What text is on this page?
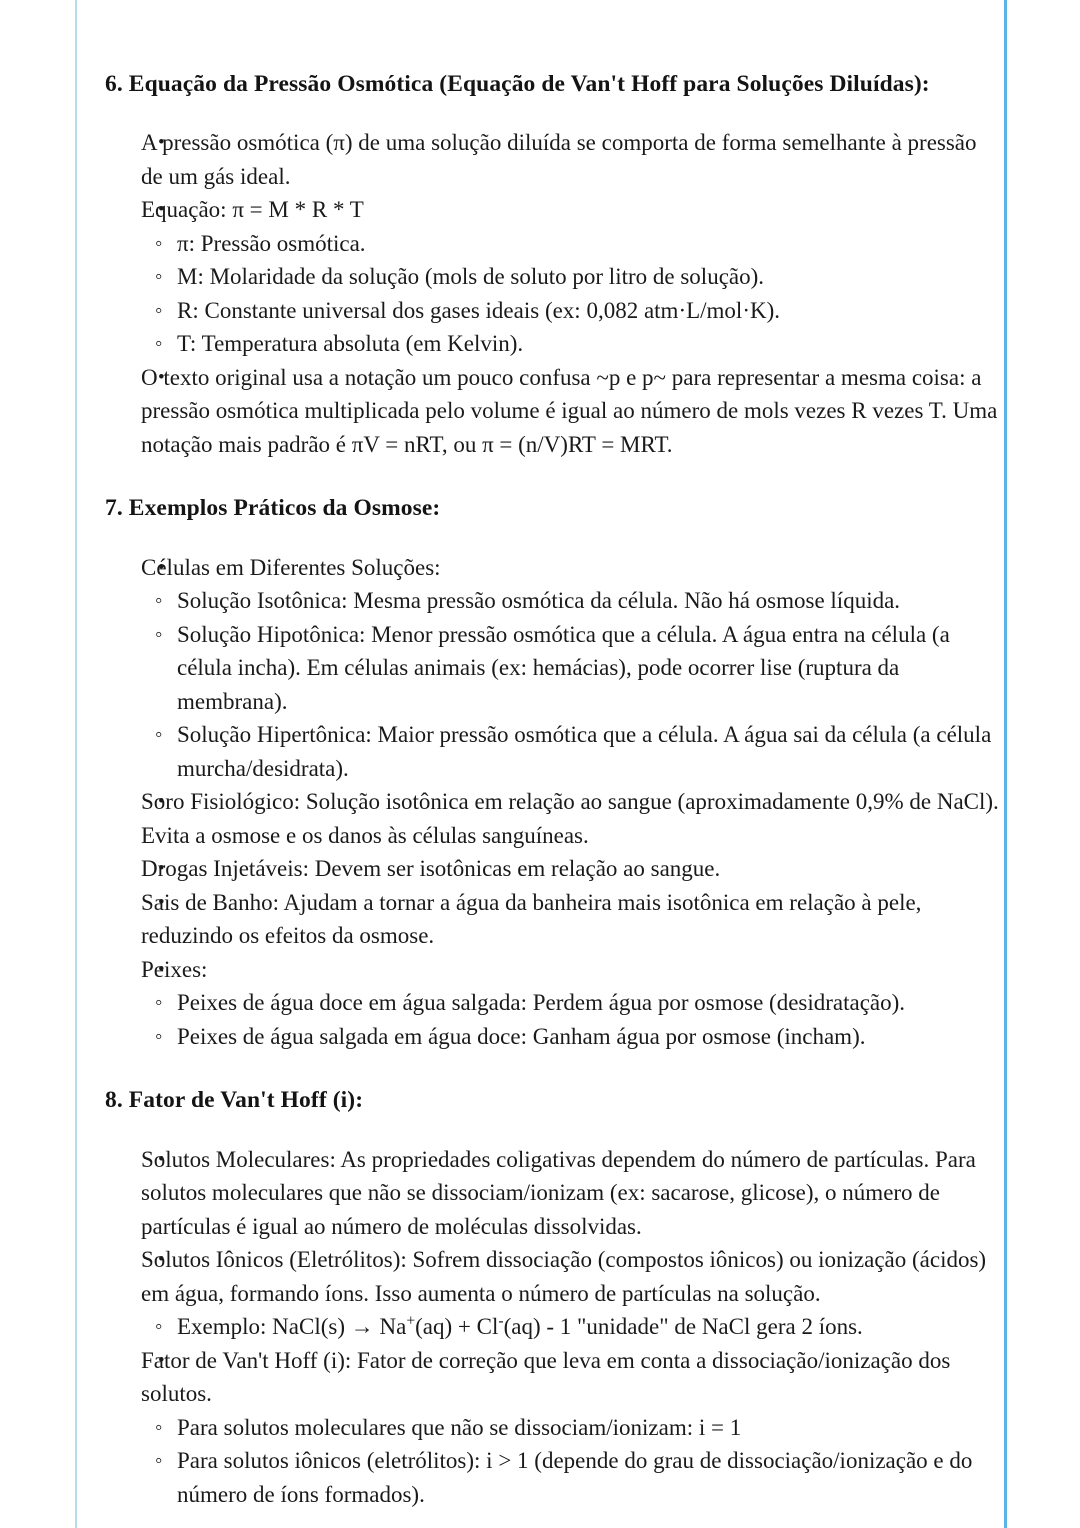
6. Equação da Pressão Osmótica (Equação de Van't Hoff para Soluções Diluídas):
• A pressão osmótica (π) de uma solução diluída se comporta de forma semelhante à pressão de um gás ideal.
• Equação: π = M * R * T
◦ π: Pressão osmótica.
◦ M: Molaridade da solução (mols de soluto por litro de solução).
◦ R: Constante universal dos gases ideais (ex: 0,082 atm·L/mol·K).
◦ T: Temperatura absoluta (em Kelvin).
• O texto original usa a notação um pouco confusa ~p e p~ para representar a mesma coisa: a pressão osmótica multiplicada pelo volume é igual ao número de mols vezes R vezes T. Uma notação mais padrão é πV = nRT, ou π = (n/V)RT = MRT.
7. Exemplos Práticos da Osmose:
• Células em Diferentes Soluções:
◦ Solução Isotônica: Mesma pressão osmótica da célula. Não há osmose líquida.
◦ Solução Hipotônica: Menor pressão osmótica que a célula. A água entra na célula (a célula incha). Em células animais (ex: hemácias), pode ocorrer lise (ruptura da membrana).
◦ Solução Hipertônica: Maior pressão osmótica que a célula. A água sai da célula (a célula murcha/desidrata).
• Soro Fisiológico: Solução isotônica em relação ao sangue (aproximadamente 0,9% de NaCl). Evita a osmose e os danos às células sanguíneas.
• Drogas Injetáveis: Devem ser isotônicas em relação ao sangue.
• Sais de Banho: Ajudam a tornar a água da banheira mais isotônica em relação à pele, reduzindo os efeitos da osmose.
• Peixes:
◦ Peixes de água doce em água salgada: Perdem água por osmose (desidratação).
◦ Peixes de água salgada em água doce: Ganham água por osmose (incham).
8. Fator de Van't Hoff (i):
• Solutos Moleculares: As propriedades coligativas dependem do número de partículas. Para solutos moleculares que não se dissociam/ionizam (ex: sacarose, glicose), o número de partículas é igual ao número de moléculas dissolvidas.
• Solutos Iônicos (Eletrólitos): Sofrem dissociação (compostos iônicos) ou ionização (ácidos) em água, formando íons. Isso aumenta o número de partículas na solução.
◦ Exemplo: NaCl(s) → Na+(aq) + Cl-(aq) - 1 "unidade" de NaCl gera 2 íons.
• Fator de Van't Hoff (i): Fator de correção que leva em conta a dissociação/ionização dos solutos.
◦ Para solutos moleculares que não se dissociam/ionizam: i = 1
◦ Para solutos iônicos (eletrólitos): i > 1 (depende do grau de dissociação/ionização e do número de íons formados).
